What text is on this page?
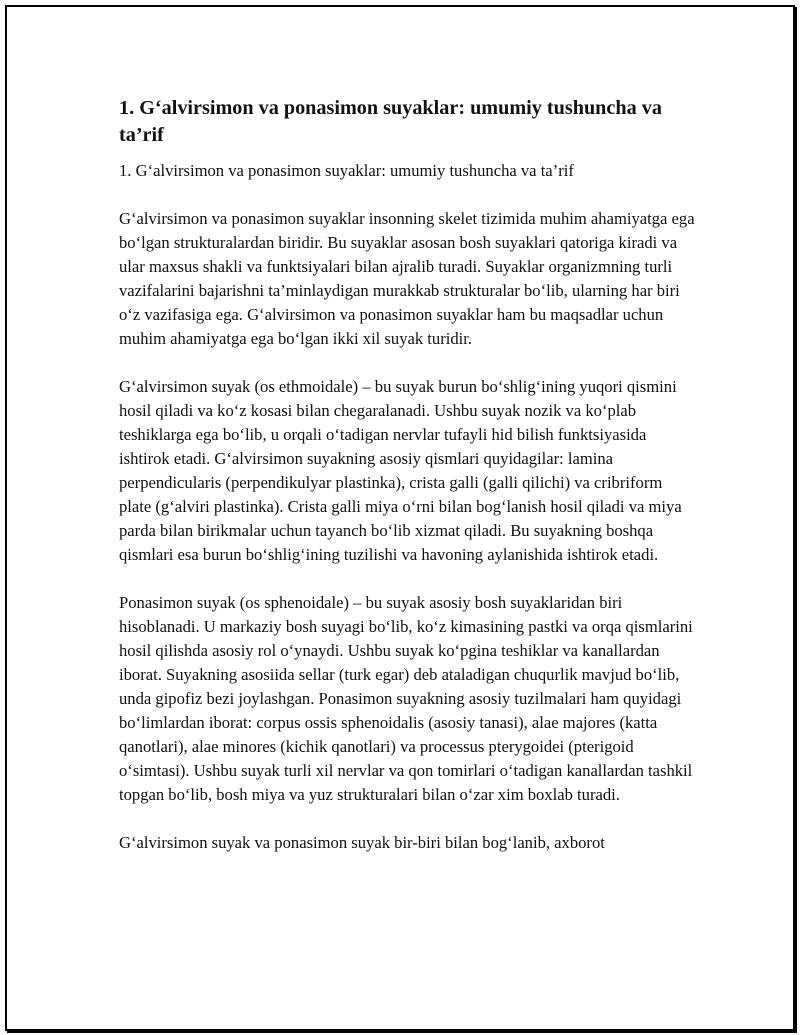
1. G‘alvirsimon va ponasimon suyaklar: umumiy tushuncha va ta’rif

1. G‘alvirsimon va ponasimon suyaklar: umumiy tushuncha va ta’rif

G‘alvirsimon va ponasimon suyaklar insonning skelet tizimida muhim ahamiyatga ega bo‘lgan strukturalardan biridir. Bu suyaklar asosan bosh suyaklari qatoriga kiradi va ular maxsus shakli va funktsiyalari bilan ajralib turadi. Suyaklar organizmning turli vazifalarini bajarishni ta’minlaydigan murakkab strukturalar bo‘lib, ularning har biri o‘z vazifasiga ega. G‘alvirsimon va ponasimon suyaklar ham bu maqsadlar uchun muhim ahamiyatga ega bo‘lgan ikki xil suyak turidir.

G‘alvirsimon suyak (os ethmoidale) – bu suyak burun bo‘shlig‘ining yuqori qismini hosil qiladi va ko‘z kosasi bilan chegaralanadi. Ushbu suyak nozik va ko‘plab teshiklarga ega bo‘lib, u orqali o‘tadigan nervlar tufayli hid bilish funktsiyasida ishtirok etadi. G‘alvirsimon suyakning asosiy qismlari quyidagilar: lamina perpendicularis (perpendikulyar plastinka), crista galli (galli qilichi) va cribriform plate (g‘alviri plastinka). Crista galli miya o‘rni bilan bog‘lanish hosil qiladi va miya parda bilan birikmalar uchun tayanch bo‘lib xizmat qiladi. Bu suyakning boshqa qismlari esa burun bo‘shlig‘ining tuzilishi va havoning aylanishida ishtirok etadi.

Ponasimon suyak (os sphenoidale) – bu suyak asosiy bosh suyaklaridan biri hisoblanadi. U markaziy bosh suyagi bo‘lib, ko‘z kimasining pastki va orqa qismlarini hosil qilishda asosiy rol o‘ynaydi. Ushbu suyak ko‘pgina teshiklar va kanallardan iborat. Suyakning asosiida sellar (turk egar) deb ataladigan chuqurlik mavjud bo‘lib, unda gipofiz bezi joylashgan. Ponasimon suyakning asosiy tuzilmalari ham quyidagi bo‘limlardan iborat: corpus ossis sphenoidalis (asosiy tanasi), alae majores (katta qanotlari), alae minores (kichik qanotlari) va processus pterygoidei (pterigoid o‘simtasi). Ushbu suyak turli xil nervlar va qon tomirlari o‘tadigan kanallardan tashkil topgan bo‘lib, bosh miya va yuz strukturalari bilan o‘zar xim boxlab turadi.

G‘alvirsimon suyak va ponasimon suyak bir-biri bilan bog‘lanib, axborot
